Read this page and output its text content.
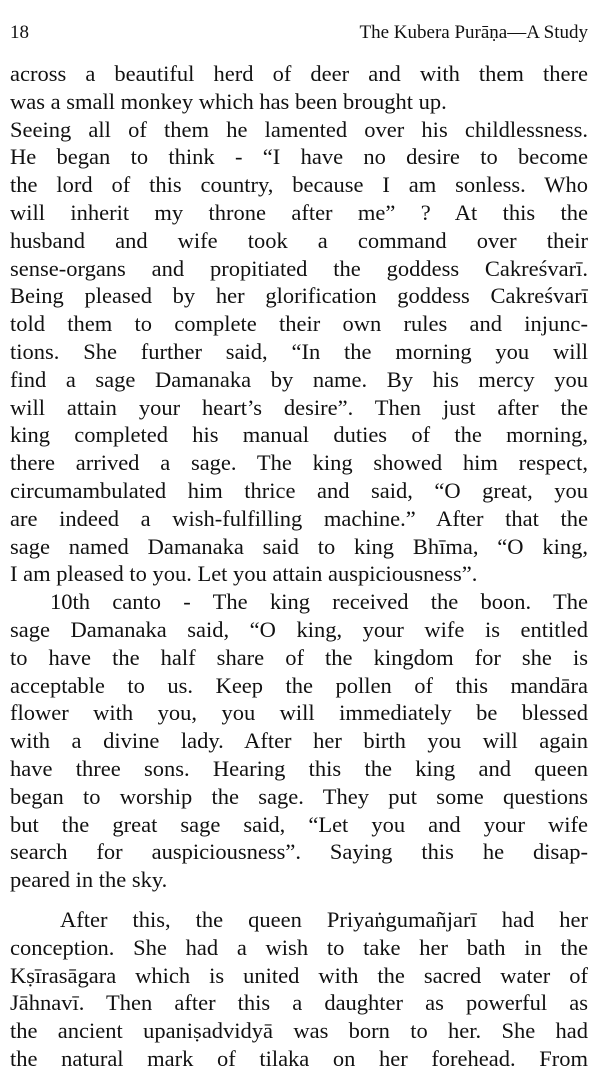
18	The Kubera Purāṇa—A Study
across a beautiful herd of deer and with them there
was a small monkey which has been brought up.
Seeing all of them he lamented over his childlessness.
He began to think - “I have no desire to become
the lord of this country, because I am sonless. Who
will inherit my throne after me” ? At this the
husband and wife took a command over their
sense-organs and propitiated the goddess Cakreśvarī.
Being pleased by her glorification goddess Cakreśvarī
told them to complete their own rules and injunc-
tions. She further said, “In the morning you will
find a sage Damanaka by name. By his mercy you
will attain your heart’s desire”. Then just after the
king completed his manual duties of the morning,
there arrived a sage. The king showed him respect,
circumambulated him thrice and said, “O great, you
are indeed a wish-fulfilling machine.” After that the
sage named Damanaka said to king Bhīma, “O king,
I am pleased to you. Let you attain auspiciousness”.
10th canto - The king received the boon. The
sage Damanaka said, “O king, your wife is entitled
to have the half share of the kingdom for she is
acceptable to us. Keep the pollen of this mandāra
flower with you, you will immediately be blessed
with a divine lady. After her birth you will again
have three sons. Hearing this the king and queen
began to worship the sage. They put some questions
but the great sage said, “Let you and your wife
search for auspiciousness”. Saying this he disap-
peared in the sky.
After this, the queen Priyaṅgumañjarī had her
conception. She had a wish to take her bath in the
Kṣīrasāgara which is united with the sacred water of
Jāhnavī. Then after this a daughter as powerful as
the ancient upaniṣadvidyā was born to her. She had
the natural mark of tilaka on her forehead. From
